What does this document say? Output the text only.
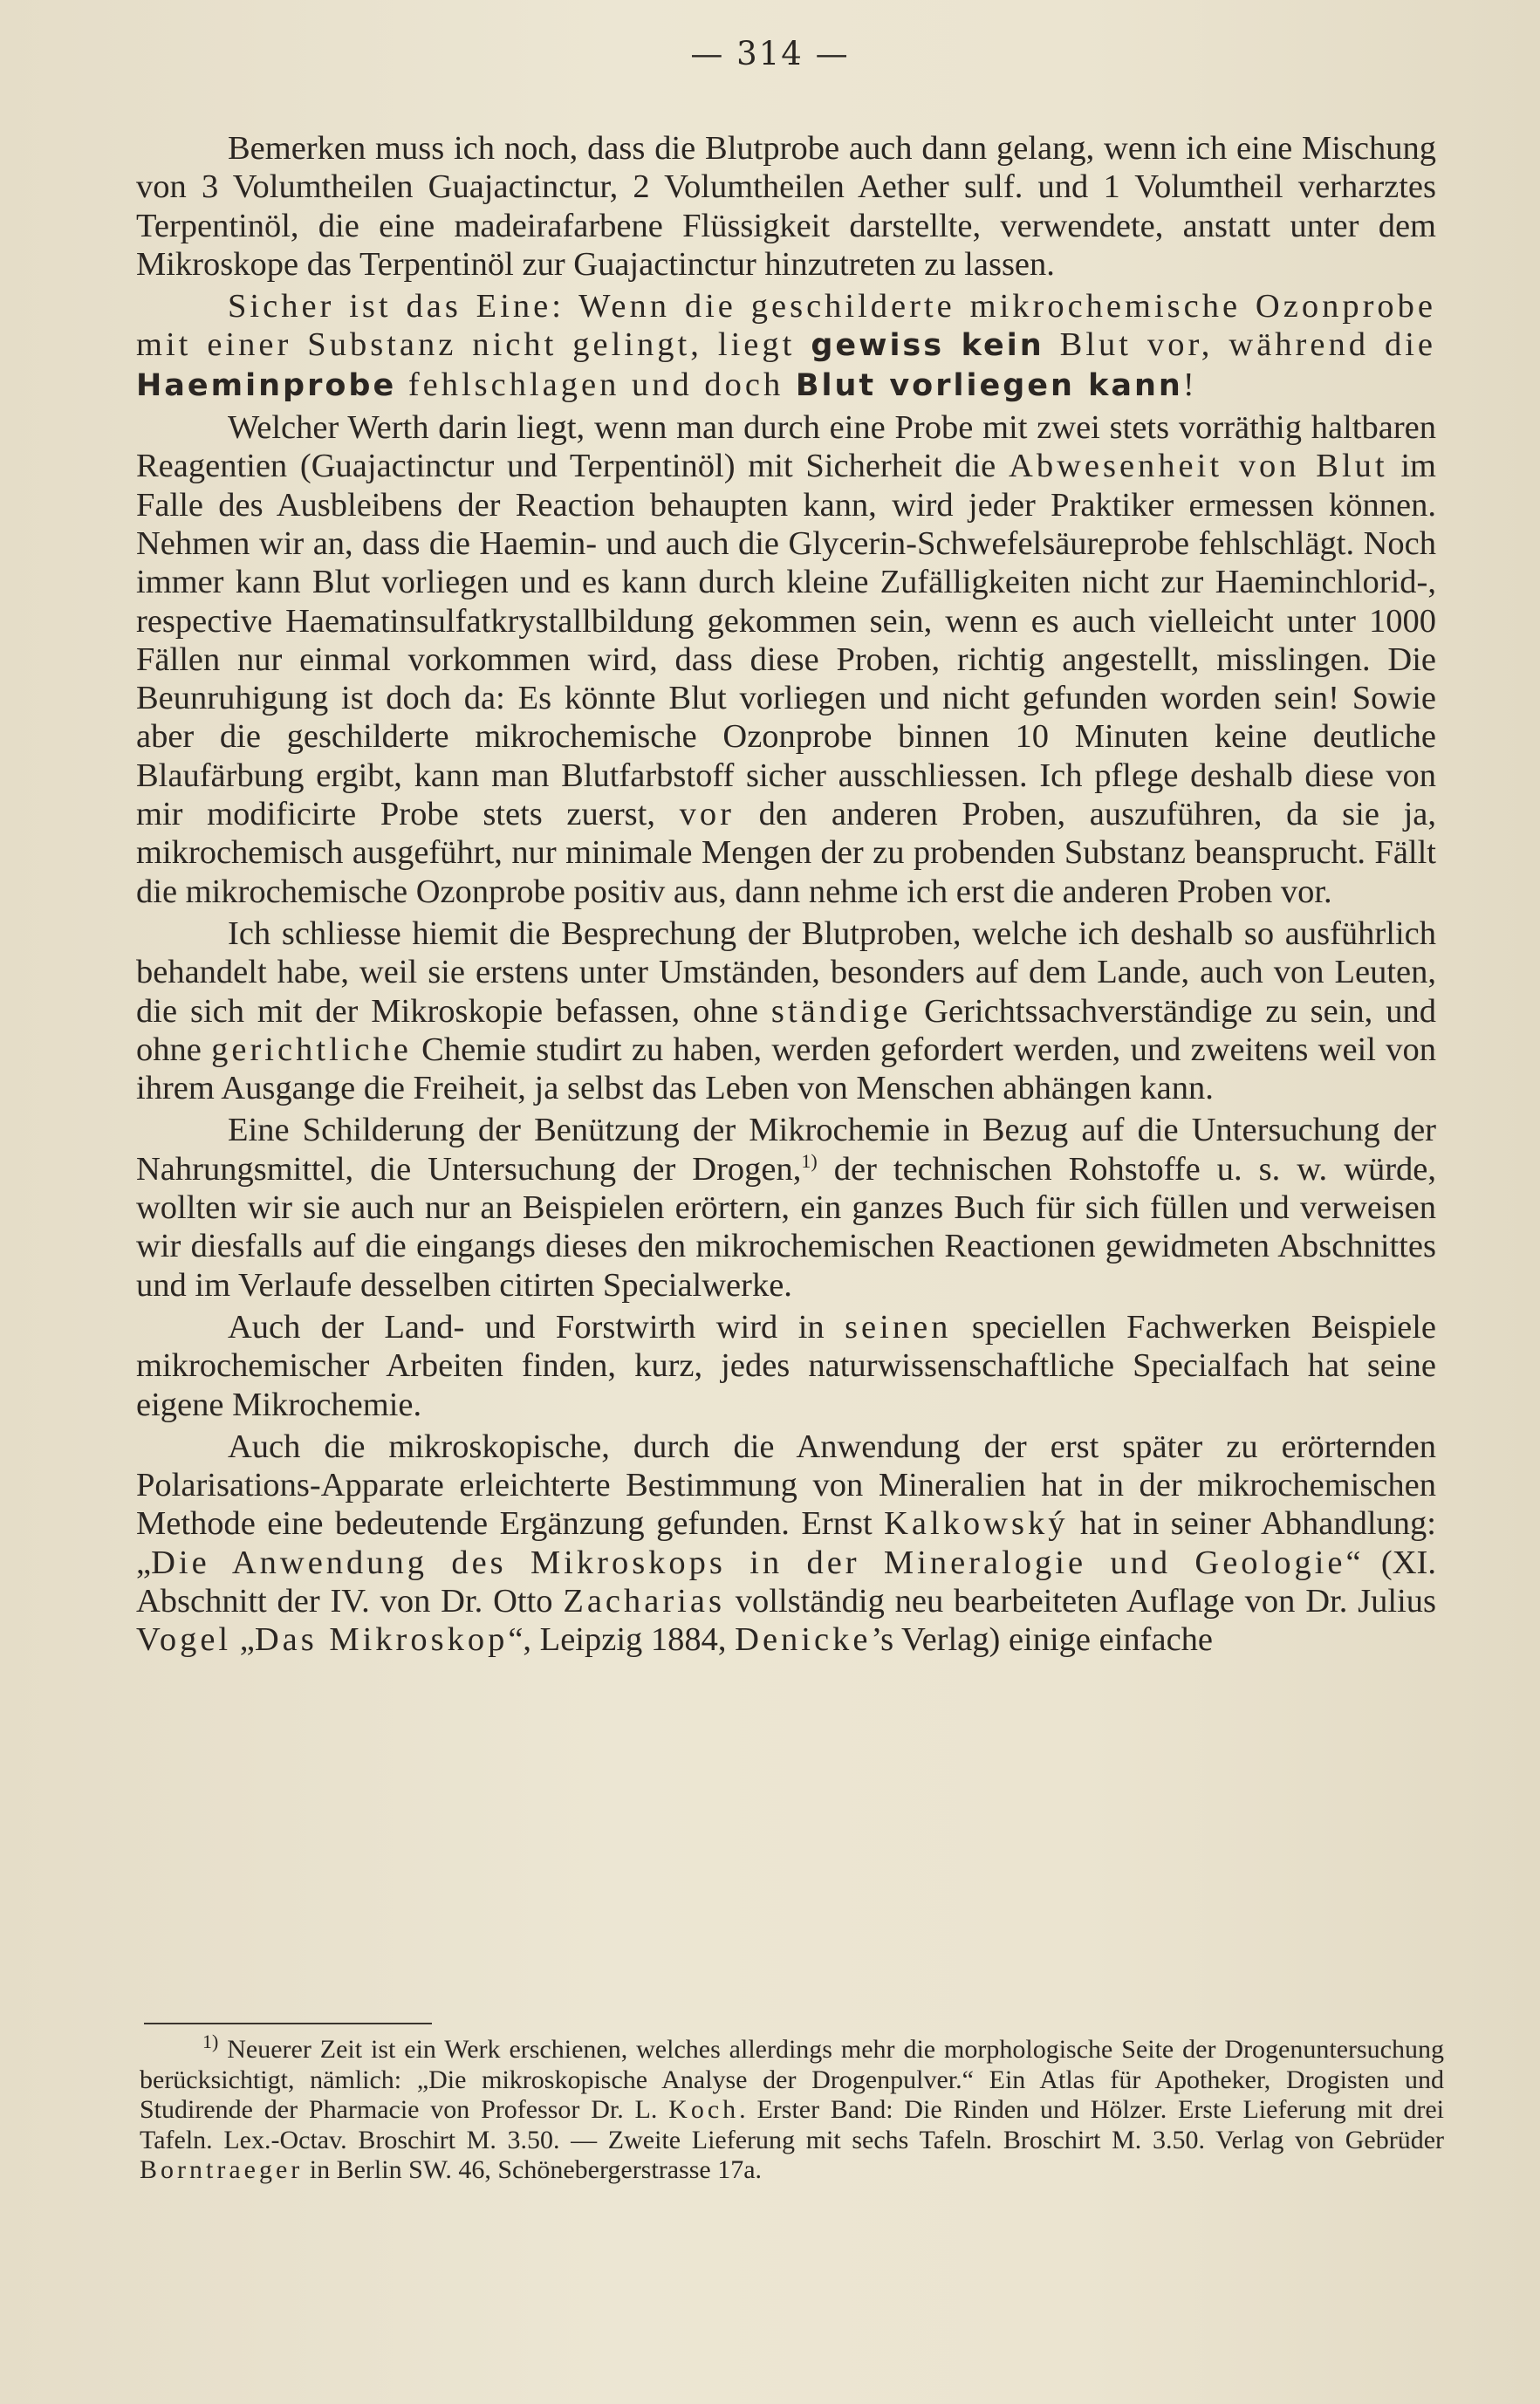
— 314 —

Bemerken muss ich noch, dass die Blutprobe auch dann gelang, wenn ich eine Mischung von 3 Volumtheilen Guajactinctur, 2 Volumtheilen Aether sulf. und 1 Volumtheil verharztes Terpentinöl, die eine madeirafarbene Flüssigkeit darstellte, verwendete, anstatt unter dem Mikroskope das Terpentinöl zur Guajactinctur hinzutreten zu lassen.

Sicher ist das Eine: Wenn die geschilderte mikrochemische Ozonprobe mit einer Substanz nicht gelingt, liegt gewiss kein Blut vor, während die Haeminprobe fehlschlagen und doch Blut vorliegen kann!

Welcher Werth darin liegt, wenn man durch eine Probe mit zwei stets vorräthig haltbaren Reagentien (Guajactinctur und Terpentinöl) mit Sicherheit die Abwesenheit von Blut im Falle des Ausbleibens der Reaction behaupten kann, wird jeder Praktiker ermessen können. Nehmen wir an, dass die Haemin- und auch die Glycerin-Schwefelsäureprobe fehlschlägt. Noch immer kann Blut vorliegen und es kann durch kleine Zufälligkeiten nicht zur Haeminchlorid-, respective Haematinsulfatkrystallbildung gekommen sein, wenn es auch vielleicht unter 1000 Fällen nur einmal vorkommen wird, dass diese Proben, richtig angestellt, misslingen. Die Beunruhigung ist doch da: Es könnte Blut vorliegen und nicht gefunden worden sein! Sowie aber die geschilderte mikrochemische Ozonprobe binnen 10 Minuten keine deutliche Blaufärbung ergibt, kann man Blutfarbstoff sicher ausschliessen. Ich pflege deshalb diese von mir modificirte Probe stets zuerst, vor den anderen Proben, auszuführen, da sie ja, mikrochemisch ausgeführt, nur minimale Mengen der zu probenden Substanz beansprucht. Fällt die mikrochemische Ozonprobe positiv aus, dann nehme ich erst die anderen Proben vor.

Ich schliesse hiemit die Besprechung der Blutproben, welche ich deshalb so ausführlich behandelt habe, weil sie erstens unter Umständen, besonders auf dem Lande, auch von Leuten, die sich mit der Mikroskopie befassen, ohne ständige Gerichtssachverständige zu sein, und ohne gerichtliche Chemie studirt zu haben, werden gefordert werden, und zweitens weil von ihrem Ausgange die Freiheit, ja selbst das Leben von Menschen abhängen kann.

Eine Schilderung der Benützung der Mikrochemie in Bezug auf die Untersuchung der Nahrungsmittel, die Untersuchung der Drogen,$^{1)}$ der technischen Rohstoffe u. s. w. würde, wollten wir sie auch nur an Beispielen erörtern, ein ganzes Buch für sich füllen und verweisen wir diesfalls auf die eingangs dieses den mikrochemischen Reactionen gewidmeten Abschnittes und im Verlaufe desselben citirten Specialwerke.

Auch der Land- und Forstwirth wird in seinen speciellen Fachwerken Beispiele mikrochemischer Arbeiten finden, kurz, jedes naturwissenschaftliche Specialfach hat seine eigene Mikrochemie.

Auch die mikroskopische, durch die Anwendung der erst später zu erörternden Polarisations-Apparate erleichterte Bestimmung von Mineralien hat in der mikrochemischen Methode eine bedeutende Ergänzung gefunden. Ernst Kalkowský hat in seiner Abhandlung: „Die Anwendung des Mikroskops in der Mineralogie und Geologie“ (XI. Abschnitt der IV. von Dr. Otto Zacharias vollständig neu bearbeiteten Auflage von Dr. Julius Vogel „Das Mikroskop“, Leipzig 1884, Denicke’s Verlag) einige einfache

$^{1)}$ Neuerer Zeit ist ein Werk erschienen, welches allerdings mehr die morphologische Seite der Drogenuntersuchung berücksichtigt, nämlich: „Die mikroskopische Analyse der Drogenpulver.“ Ein Atlas für Apotheker, Drogisten und Studirende der Pharmacie von Professor Dr. L. Koch. Erster Band: Die Rinden und Hölzer. Erste Lieferung mit drei Tafeln. Lex.-Octav. Broschirt M. 3.50. — Zweite Lieferung mit sechs Tafeln. Broschirt M. 3.50. Verlag von Gebrüder Borntraeger in Berlin SW. 46, Schönebergerstrasse 17a.
